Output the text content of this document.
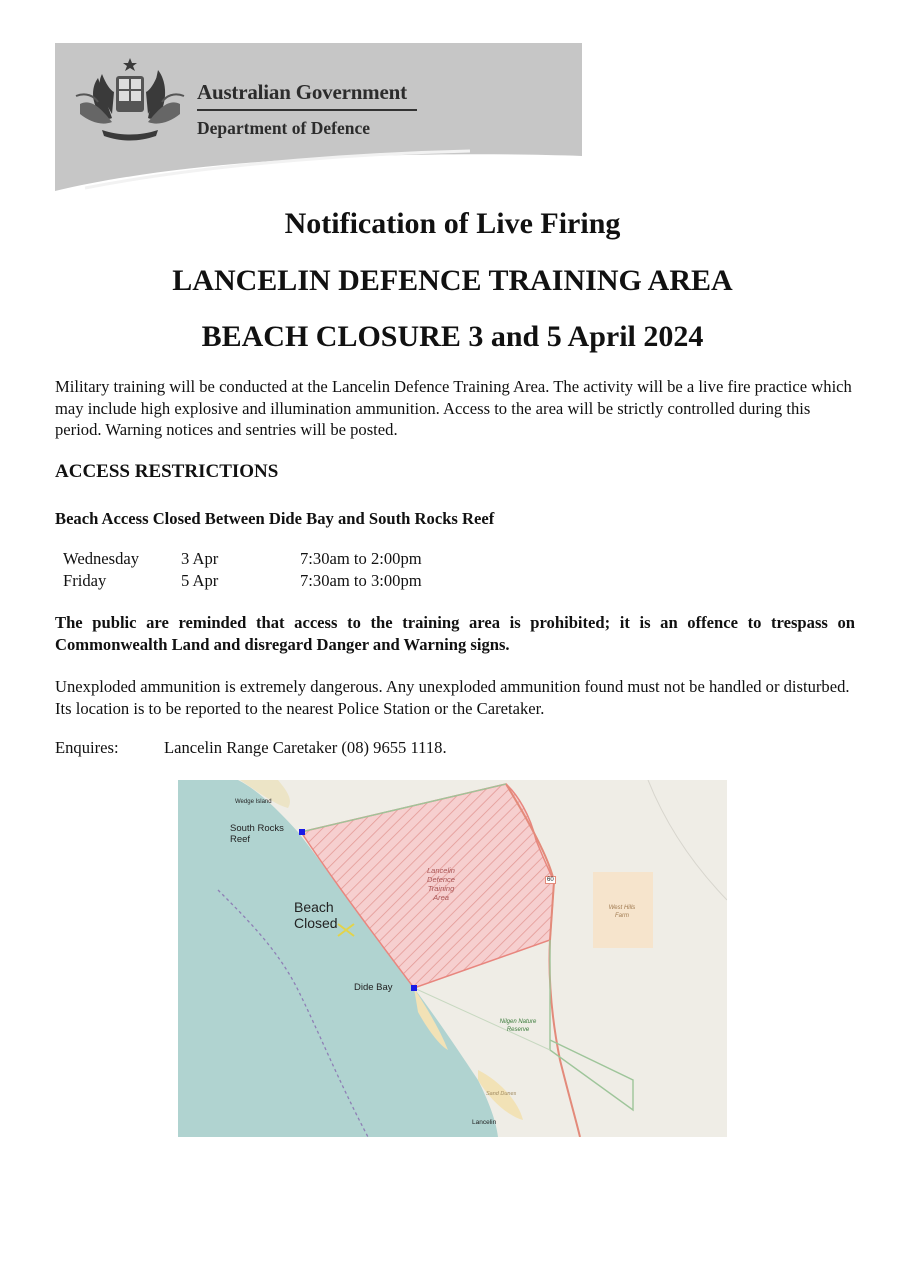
Australian Government
Department of Defence
Notification of Live Firing
LANCELIN DEFENCE TRAINING AREA
BEACH CLOSURE 3 and 5 April 2024
Military training will be conducted at the Lancelin Defence Training Area. The activity will be a live fire practice which may include high explosive and illumination ammunition. Access to the area will be strictly controlled during this period. Warning notices and sentries will be posted.
ACCESS RESTRICTIONS
Beach Access Closed Between Dide Bay and South Rocks Reef
Wednesday	3 Apr	7:30am to 2:00pm
Friday	5 Apr	7:30am to 3:00pm
The public are reminded that access to the training area is prohibited; it is an offence to trespass on Commonwealth Land and disregard Danger and Warning signs.
Unexploded ammunition is extremely dangerous. Any unexploded ammunition found must not be handled or disturbed. Its location is to be reported to the nearest Police Station or the Caretaker.
Enquires:	Lancelin Range Caretaker (08) 9655 1118.
Wedge Island
South Rocks
Reef
Lancelin
Defence
Training
Area
Beach
Closed
Dide Bay
60
West Hills
Farm
Nilgen Nature
Reserve
Sand Dunes
Lancelin
